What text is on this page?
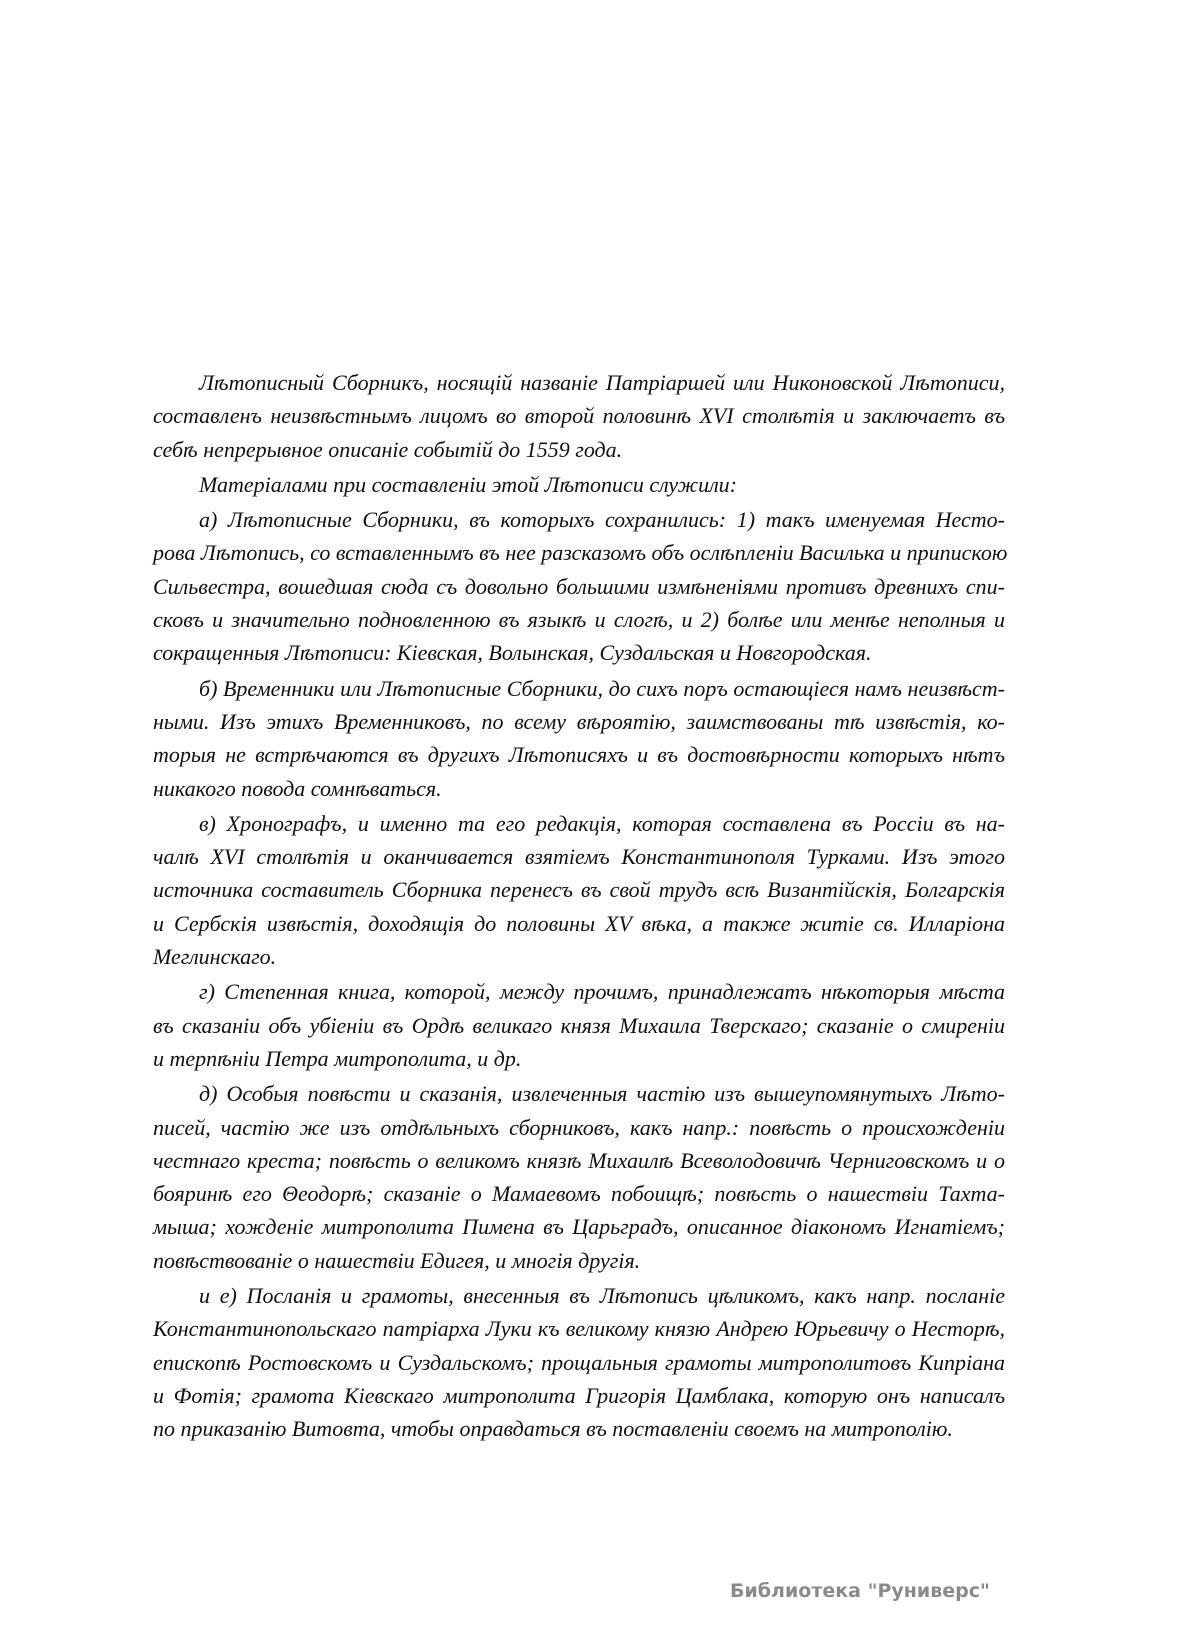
Лѣтописный Сборникъ, носящій названіе Патріаршей или Никоновской Лѣтописи,
составленъ неизвѣстнымъ лицомъ во второй половинѣ XVI столѣтія и заключаетъ въ
себѣ непрерывное описаніе событій до 1559 года.
Матеріалами при составленіи этой Лѣтописи служили:
а) Лѣтописные Сборники, въ которыхъ сохранились: 1) такъ именуемая Несто-
рова Лѣтопись, со вставленнымъ въ нее разсказомъ объ ослѣпленіи Василька и припискою
Сильвестра, вошедшая сюда съ довольно большими измѣненіями противъ древнихъ спи-
сковъ и значительно подновленною въ языкѣ и слогѣ, и 2) болѣе или менѣе неполныя и
сокращенныя Лѣтописи: Кіевская, Волынская, Суздальская и Новгородская.
б) Временники или Лѣтописные Сборники, до сихъ поръ остающіеся намъ неизвѣст-
ными. Изъ этихъ Временниковъ, по всему вѣроятію, заимствованы тѣ извѣстія, ко-
торыя не встрѣчаются въ другихъ Лѣтописяхъ и въ достовѣрности которыхъ нѣтъ
никакого повода сомнѣваться.
в) Хронографъ, и именно та его редакція, которая составлена въ Россіи въ на-
чалѣ XVI столѣтія и оканчивается взятіемъ Константинополя Турками. Изъ этого
источника составитель Сборника перенесъ въ свой трудъ всѣ Византійскія, Болгарскія
и Сербскія извѣстія, доходящія до половины XV вѣка, а также житіе св. Илларіона
Меглинскаго.
г) Степенная книга, которой, между прочимъ, принадлежатъ нѣкоторыя мѣста
въ сказаніи объ убіеніи въ Ордѣ великаго князя Михаила Тверскаго; сказаніе о смиреніи
и терпѣніи Петра митрополита, и др.
д) Особыя повѣсти и сказанія, извлеченныя частію изъ вышеупомянутыхъ Лѣто-
писей, частію же изъ отдѣльныхъ сборниковъ, какъ напр.: повѣсть о происхожденіи
честнаго креста; повѣсть о великомъ князѣ Михаилѣ Всеволодовичѣ Черниговскомъ и о
бояринѣ его Θеодорѣ; сказаніе о Мамаевомъ побоищѣ; повѣсть о нашествіи Тахта-
мыша; хожденіе митрополита Пимена въ Царьградъ, описанное діакономъ Игнатіемъ;
повѣствованіе о нашествіи Едигея, и многія другія.
и е) Посланія и грамоты, внесенныя въ Лѣтопись цѣликомъ, какъ напр. посланіе
Константинопольскаго патріарха Луки къ великому князю Андрею Юрьевичу о Несторѣ,
епископѣ Ростовскомъ и Суздальскомъ; прощальныя грамоты митрополитовъ Кипріана
и Фотія; грамота Кіевскаго митрополита Григорія Цамблака, которую онъ написалъ
по приказанію Витовта, чтобы оправдаться въ поставленіи своемъ на митрополію.
Библиотека "Руниверс"
